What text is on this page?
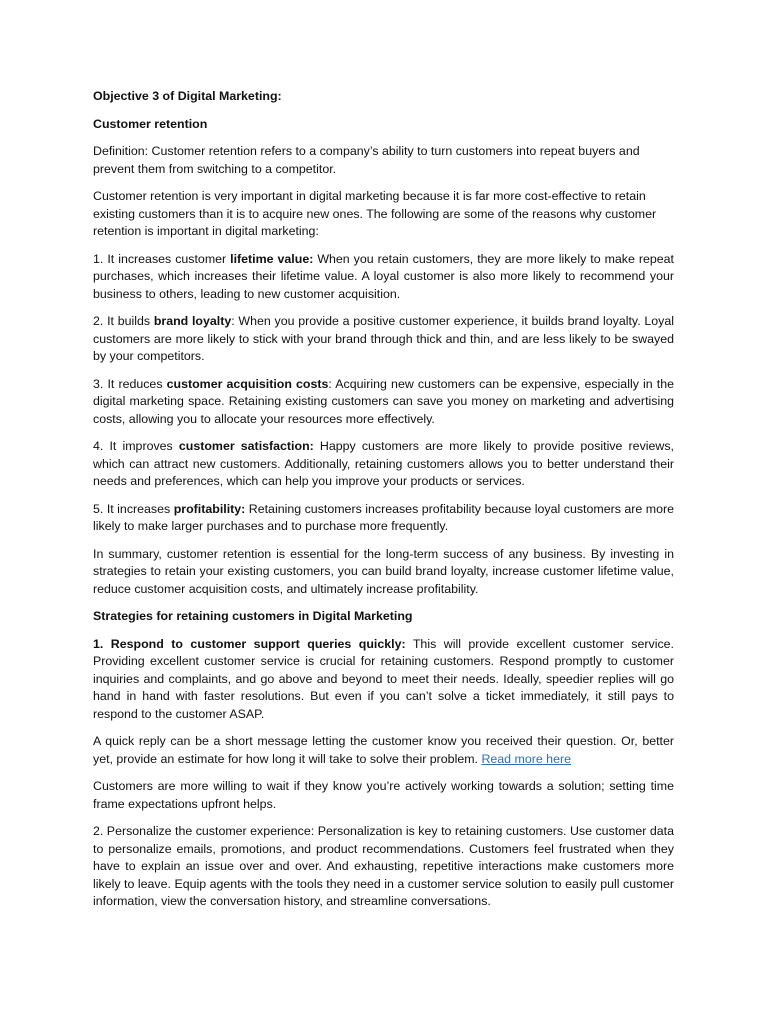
Objective 3 of Digital Marketing:

Customer retention

Definition: Customer retention refers to a company’s ability to turn customers into repeat buyers and prevent them from switching to a competitor.

Customer retention is very important in digital marketing because it is far more cost-effective to retain existing customers than it is to acquire new ones. The following are some of the reasons why customer retention is important in digital marketing:

1. It increases customer lifetime value: When you retain customers, they are more likely to make repeat purchases, which increases their lifetime value. A loyal customer is also more likely to recommend your business to others, leading to new customer acquisition.

2. It builds brand loyalty: When you provide a positive customer experience, it builds brand loyalty. Loyal customers are more likely to stick with your brand through thick and thin, and are less likely to be swayed by your competitors.

3. It reduces customer acquisition costs: Acquiring new customers can be expensive, especially in the digital marketing space. Retaining existing customers can save you money on marketing and advertising costs, allowing you to allocate your resources more effectively.

4. It improves customer satisfaction: Happy customers are more likely to provide positive reviews, which can attract new customers. Additionally, retaining customers allows you to better understand their needs and preferences, which can help you improve your products or services.

5. It increases profitability: Retaining customers increases profitability because loyal customers are more likely to make larger purchases and to purchase more frequently.

In summary, customer retention is essential for the long-term success of any business. By investing in strategies to retain your existing customers, you can build brand loyalty, increase customer lifetime value, reduce customer acquisition costs, and ultimately increase profitability.

Strategies for retaining customers in Digital Marketing

1. Respond to customer support queries quickly: This will provide excellent customer service. Providing excellent customer service is crucial for retaining customers. Respond promptly to customer inquiries and complaints, and go above and beyond to meet their needs. Ideally, speedier replies will go hand in hand with faster resolutions. But even if you can’t solve a ticket immediately, it still pays to respond to the customer ASAP.

A quick reply can be a short message letting the customer know you received their question. Or, better yet, provide an estimate for how long it will take to solve their problem. Read more here

Customers are more willing to wait if they know you’re actively working towards a solution; setting time frame expectations upfront helps.

2. Personalize the customer experience: Personalization is key to retaining customers. Use customer data to personalize emails, promotions, and product recommendations. Customers feel frustrated when they have to explain an issue over and over. And exhausting, repetitive interactions make customers more likely to leave. Equip agents with the tools they need in a customer service solution to easily pull customer information, view the conversation history, and streamline conversations.
